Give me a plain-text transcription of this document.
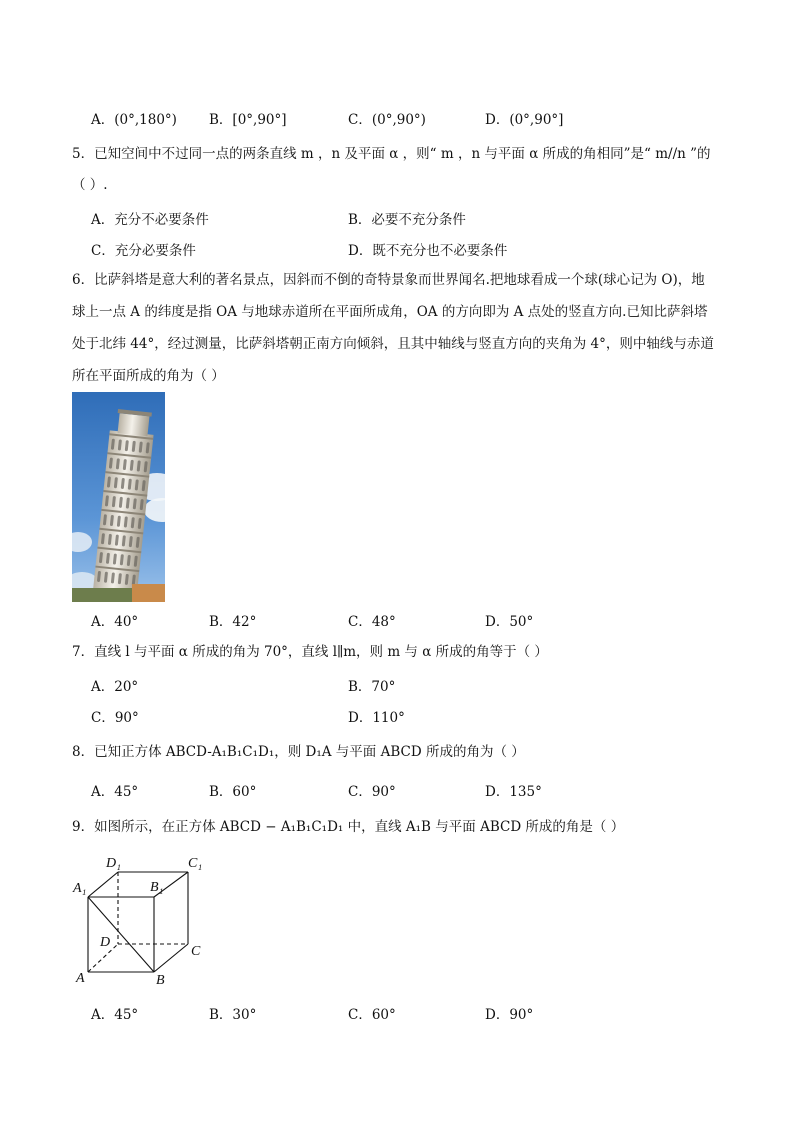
A．(0°,180°) B．[0°,90°]	C．(0°,90°)	D．(0°,90°]
5．已知空间中不过同一点的两条直线 m ，n 及平面 α ，则“ m ，n 与平面 α 所成的角相同”是“ m//n ”的
（ ）.
A．充分不必要条件	B．必要不充分条件
C．充分必要条件	D．既不充分也不必要条件
6．比萨斜塔是意大利的著名景点，因斜而不倒的奇特景象而世界闻名.把地球看成一个球(球心记为 O)，地
球上一点 A 的纬度是指 OA 与地球赤道所在平面所成角，OA 的方向即为 A 点处的竖直方向.已知比萨斜塔
处于北纬 44°，经过测量，比萨斜塔朝正南方向倾斜，且其中轴线与竖直方向的夹角为 4°，则中轴线与赤道
所在平面所成的角为（ ）
A．40°	B．42°	C．48°	D．50°
7．直线 l 与平面 α 所成的角为 70°，直线 l∥m，则 m 与 α 所成的角等于（ ）
A．20°	B．70°
C．90°	D．110°
8．已知正方体 ABCD-A₁B₁C₁D₁，则 D₁A 与平面 ABCD 所成的角为（ ）
A．45°	B．60°	C．90°	D．135°
9．如图所示，在正方体 ABCD − A₁B₁C₁D₁ 中，直线 A₁B 与平面 ABCD 所成的角是（ ）
D₁	C₁
A₁	B₁
D
C
A	B
A．45°	B．30°	C．60°	D．90°
